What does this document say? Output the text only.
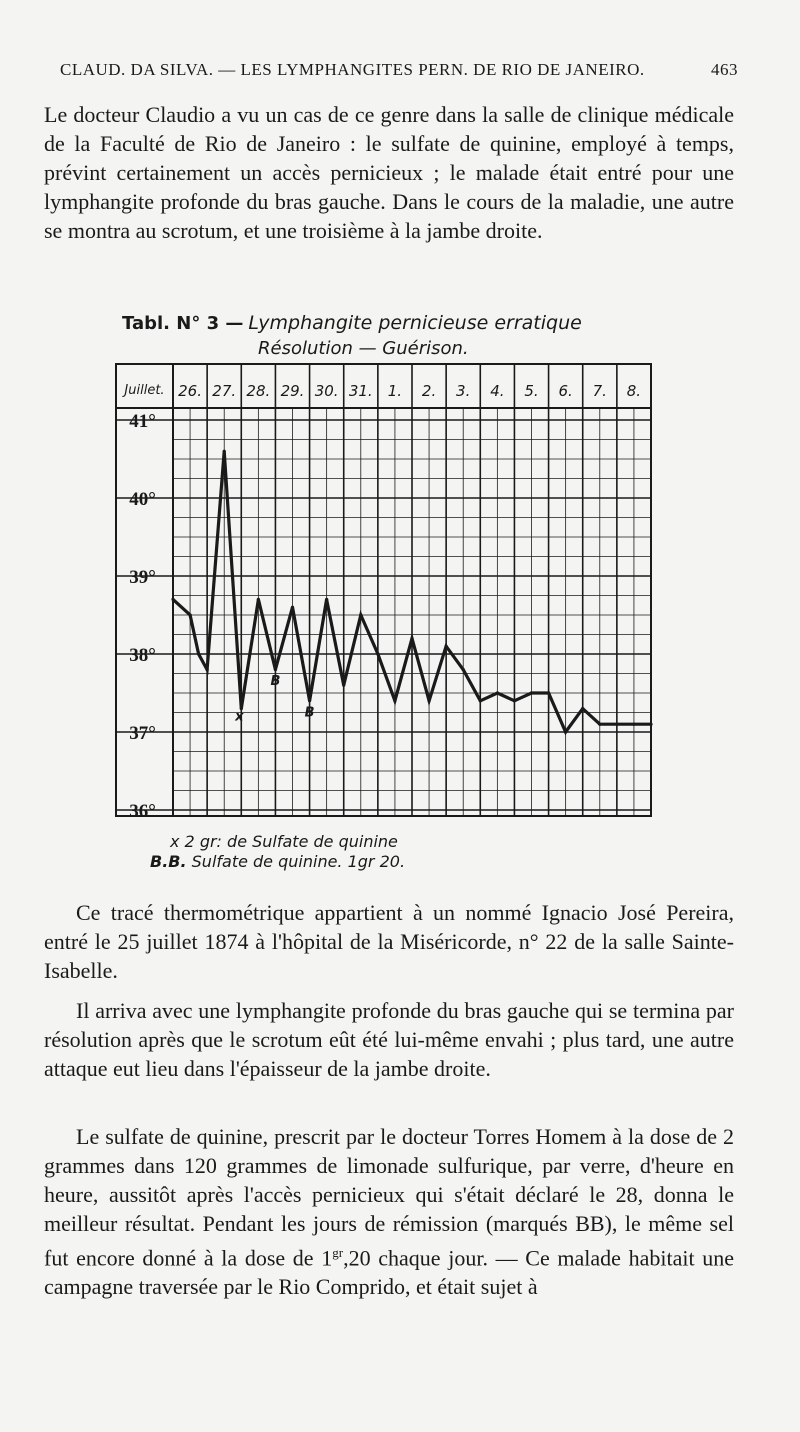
CLAUD. DA SILVA. — LES LYMPHANGITES PERN. DE RIO DE JANEIRO.	463

Le docteur Claudio a vu un cas de ce genre dans la salle de clinique médicale de la Faculté de Rio de Janeiro : le sulfate de quinine, employé à temps, prévint certainement un accès pernicieux ; le malade était entré pour une lymphangite profonde du bras gauche. Dans le cours de la maladie, une autre se montra au scrotum, et une troisième à la jambe droite.

Tabl. N° 3 — Lymphangite pernicieuse erratique
Résolution — Guérison.
Juillet. 26. 27. 28. 29. 30. 31. 1. 2. 3. 4. 5. 6. 7. 8.
41°
40°
39°
38°
37°
36°
x
B
B
x 2 gr: de Sulfate de quinine
B.B. Sulfate de quinine. 1gr 20.

Ce tracé thermométrique appartient à un nommé Ignacio José Pereira, entré le 25 juillet 1874 à l'hôpital de la Miséricorde, n° 22 de la salle Sainte-Isabelle.

Il arriva avec une lymphangite profonde du bras gauche qui se termina par résolution après que le scrotum eût été lui-même envahi ; plus tard, une autre attaque eut lieu dans l'épaisseur de la jambe droite.

Le sulfate de quinine, prescrit par le docteur Torres Homem à la dose de 2 grammes dans 120 grammes de limonade sulfurique, par verre, d'heure en heure, aussitôt après l'accès pernicieux qui s'était déclaré le 28, donna le meilleur résultat. Pendant les jours de rémission (marqués BB), le même sel fut encore donné à la dose de $1^{gr},20$ chaque jour. — Ce malade habitait une campagne traversée par le Rio Comprido, et était sujet à
